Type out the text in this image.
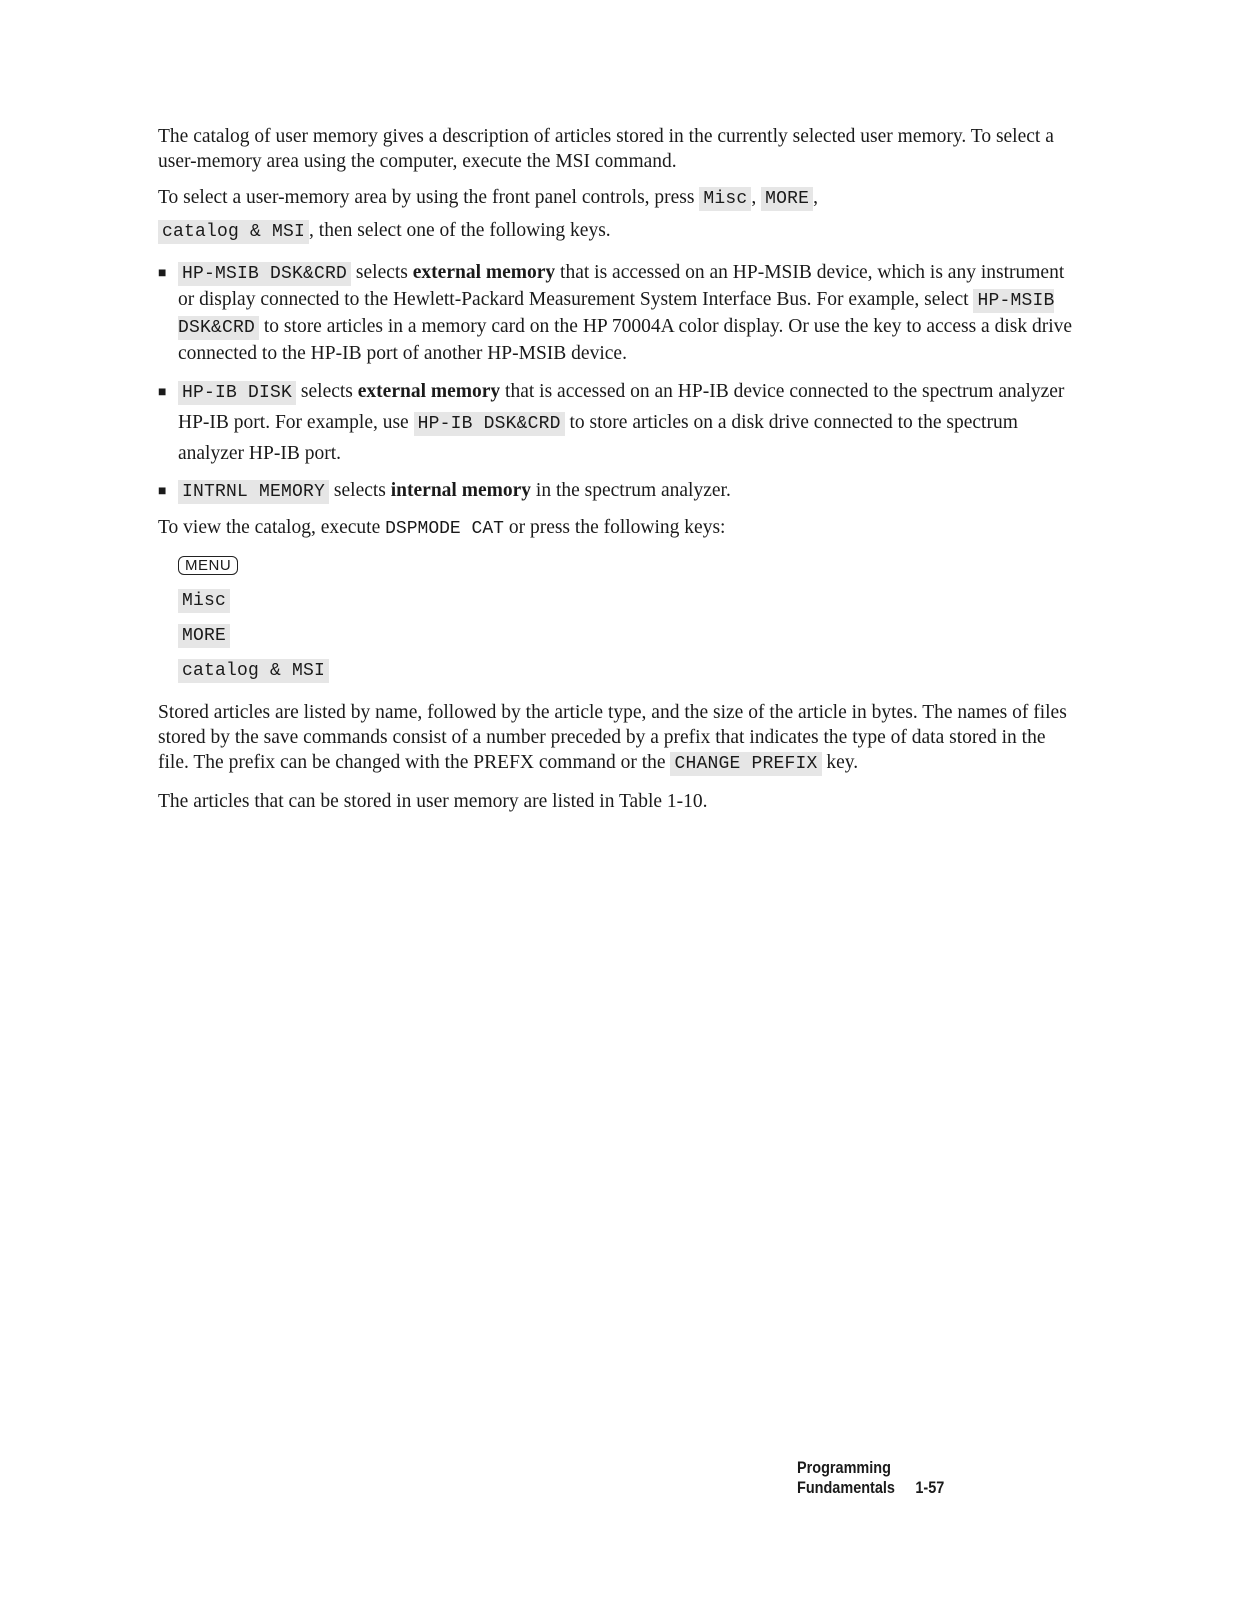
The catalog of user memory gives a description of articles stored in the currently selected user memory. To select a user-memory area using the computer, execute the MSI command.

To select a user-memory area by using the front panel controls, press Misc , MORE ,
catalog & MSI , then select one of the following keys.

■ HP-MSIB DSK&CRD selects external memory that is accessed on an HP-MSIB device, which is any instrument or display connected to the Hewlett-Packard Measurement System Interface Bus. For example, select HP-MSIB DSK&CRD to store articles in a memory card on the HP 70004A color display. Or use the key to access a disk drive connected to the HP-IB port of another HP-MSIB device.
■ HP-IB DISK selects external memory that is accessed on an HP-IB device connected to the spectrum analyzer HP-IB port. For example, use HP-IB DSK&CRD to store articles on a disk drive connected to the spectrum analyzer HP-IB port.
■ INTRNL MEMORY selects internal memory in the spectrum analyzer.

To view the catalog, execute DSPMODE CAT or press the following keys:

MENU
Misc
MORE
catalog & MSI

Stored articles are listed by name, followed by the article type, and the size of the article in bytes. The names of files stored by the save commands consist of a number preceded by a prefix that indicates the type of data stored in the file. The prefix can be changed with the PREFX command or the CHANGE PREFIX key.

The articles that can be stored in user memory are listed in Table 1-10.

Programming Fundamentals 1-57
